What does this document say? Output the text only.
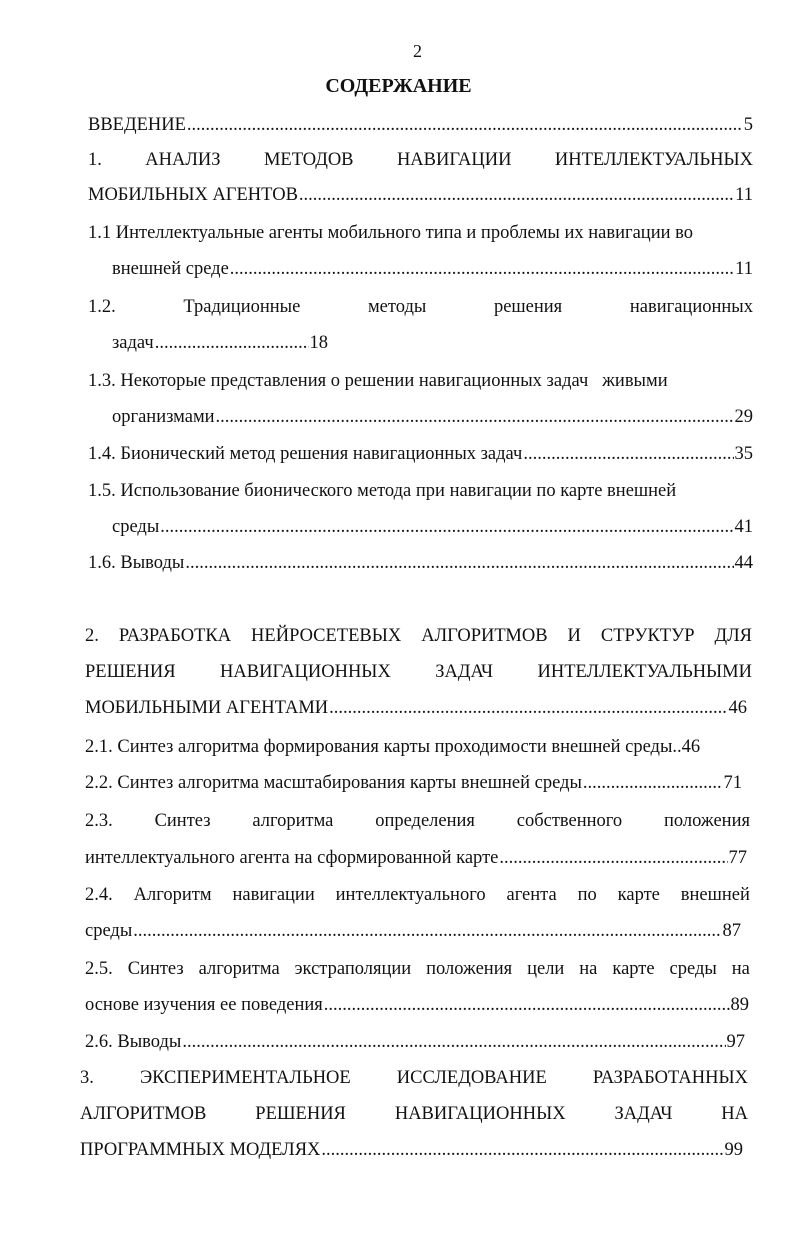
2
СОДЕРЖАНИЕ
ВВЕДЕНИЕ .....	5
1. АНАЛИЗ МЕТОДОВ НАВИГАЦИИ ИНТЕЛЛЕКТУАЛЬНЫХ
МОБИЛЬНЫХ АГЕНТОВ .....	11
1.1 Интеллектуальные агенты мобильного типа и проблемы их навигации во
внешней среде .....	11
1.2.	Традиционные	методы	решения	навигационных
задач .....	18
1.3. Некоторые представления о решении навигационных задач   живыми
организмами .....	29
1.4. Бионический метод решения навигационных задач .....	35
1.5. Использование бионического метода при навигации по карте внешней
среды .....	41
1.6. Выводы .....	44
2. РАЗРАБОТКА НЕЙРОСЕТЕВЫХ АЛГОРИТМОВ И СТРУКТУР ДЛЯ
РЕШЕНИЯ НАВИГАЦИОННЫХ ЗАДАЧ ИНТЕЛЛЕКТУАЛЬНЫМИ
МОБИЛЬНЫМИ АГЕНТАМИ .....	46
2.1. Синтез алгоритма формирования карты проходимости внешней среды.. 46
2.2. Синтез алгоритма масштабирования карты внешней среды .....	71
2.3. Синтез алгоритма определения собственного положения
интеллектуального агента на сформированной карте .....	77
2.4. Алгоритм навигации интеллектуального агента по карте внешней
среды .....	87
2.5. Синтез алгоритма экстраполяции положения цели на карте среды на
основе изучения ее поведения .....	89
2.6. Выводы .....	97
3. ЭКСПЕРИМЕНТАЛЬНОЕ ИССЛЕДОВАНИЕ РАЗРАБОТАННЫХ
АЛГОРИТМОВ	РЕШЕНИЯ	НАВИГАЦИОННЫХ	ЗАДАЧ	НА
ПРОГРАММНЫХ МОДЕЛЯХ .....	99
